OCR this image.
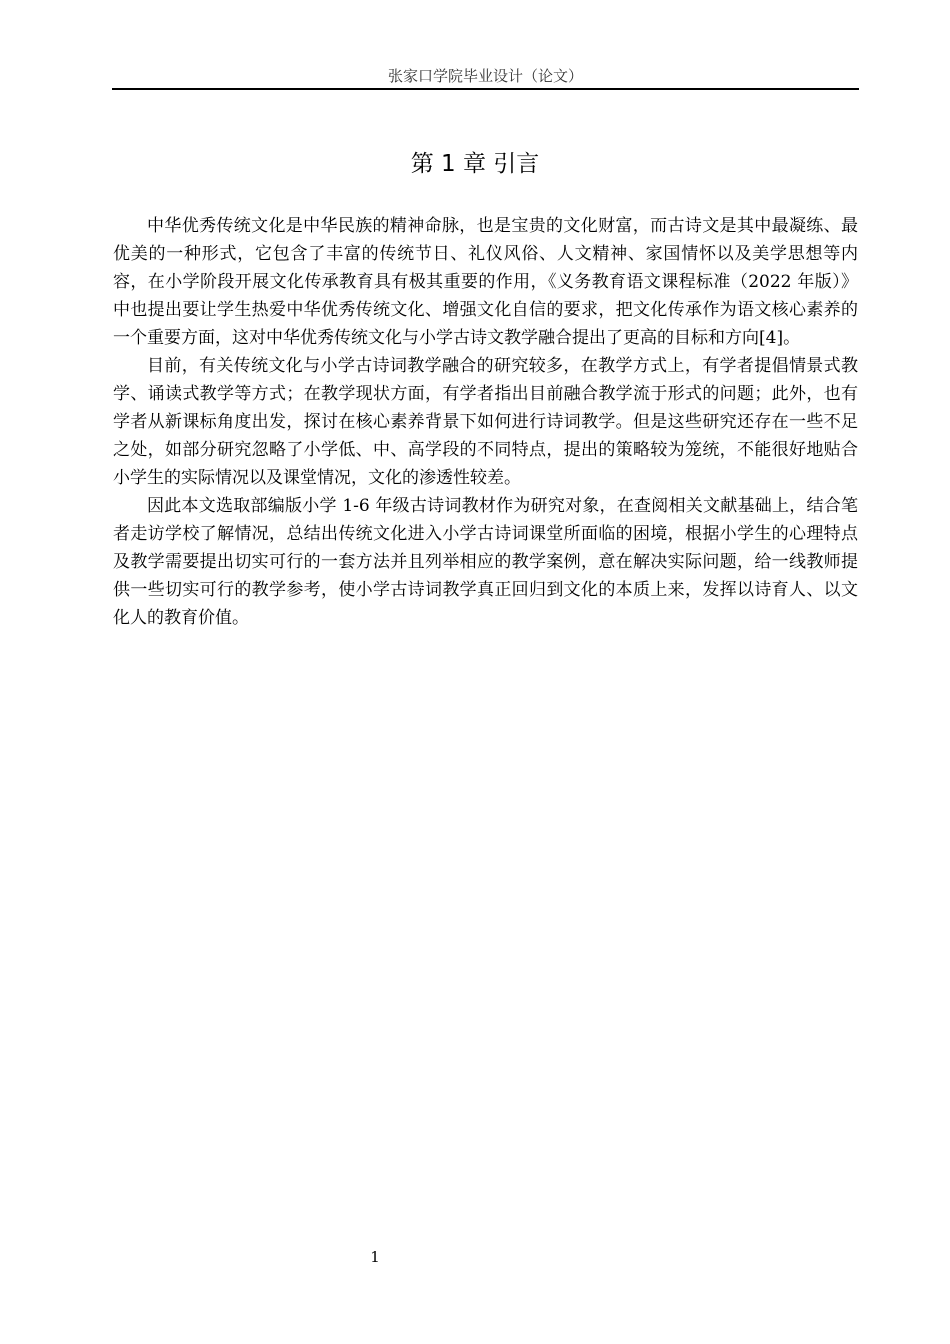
张家口学院毕业设计（论文）
第 1 章 引言

中华优秀传统文化是中华民族的精神命脉，也是宝贵的文化财富，而古诗文是其中最凝练、最优美的一种形式，它包含了丰富的传统节日、礼仪风俗、人文精神、家国情怀以及美学思想等内容，在小学阶段开展文化传承教育具有极其重要的作用，《义务教育语文课程标准（2022 年版）》中也提出要让学生热爱中华优秀传统文化、增强文化自信的要求，把文化传承作为语文核心素养的一个重要方面，这对中华优秀传统文化与小学古诗文教学融合提出了更高的目标和方向[4]。

目前，有关传统文化与小学古诗词教学融合的研究较多，在教学方式上，有学者提倡情景式教学、诵读式教学等方式；在教学现状方面，有学者指出目前融合教学流于形式的问题；此外，也有学者从新课标角度出发，探讨在核心素养背景下如何进行诗词教学。但是这些研究还存在一些不足之处，如部分研究忽略了小学低、中、高学段的不同特点，提出的策略较为笼统，不能很好地贴合小学生的实际情况以及课堂情况，文化的渗透性较差。

因此本文选取部编版小学 1-6 年级古诗词教材作为研究对象，在查阅相关文献基础上，结合笔者走访学校了解情况，总结出传统文化进入小学古诗词课堂所面临的困境，根据小学生的心理特点及教学需要提出切实可行的一套方法并且列举相应的教学案例，意在解决实际问题，给一线教师提供一些切实可行的教学参考，使小学古诗词教学真正回归到文化的本质上来，发挥以诗育人、以文化人的教育价值。

1
